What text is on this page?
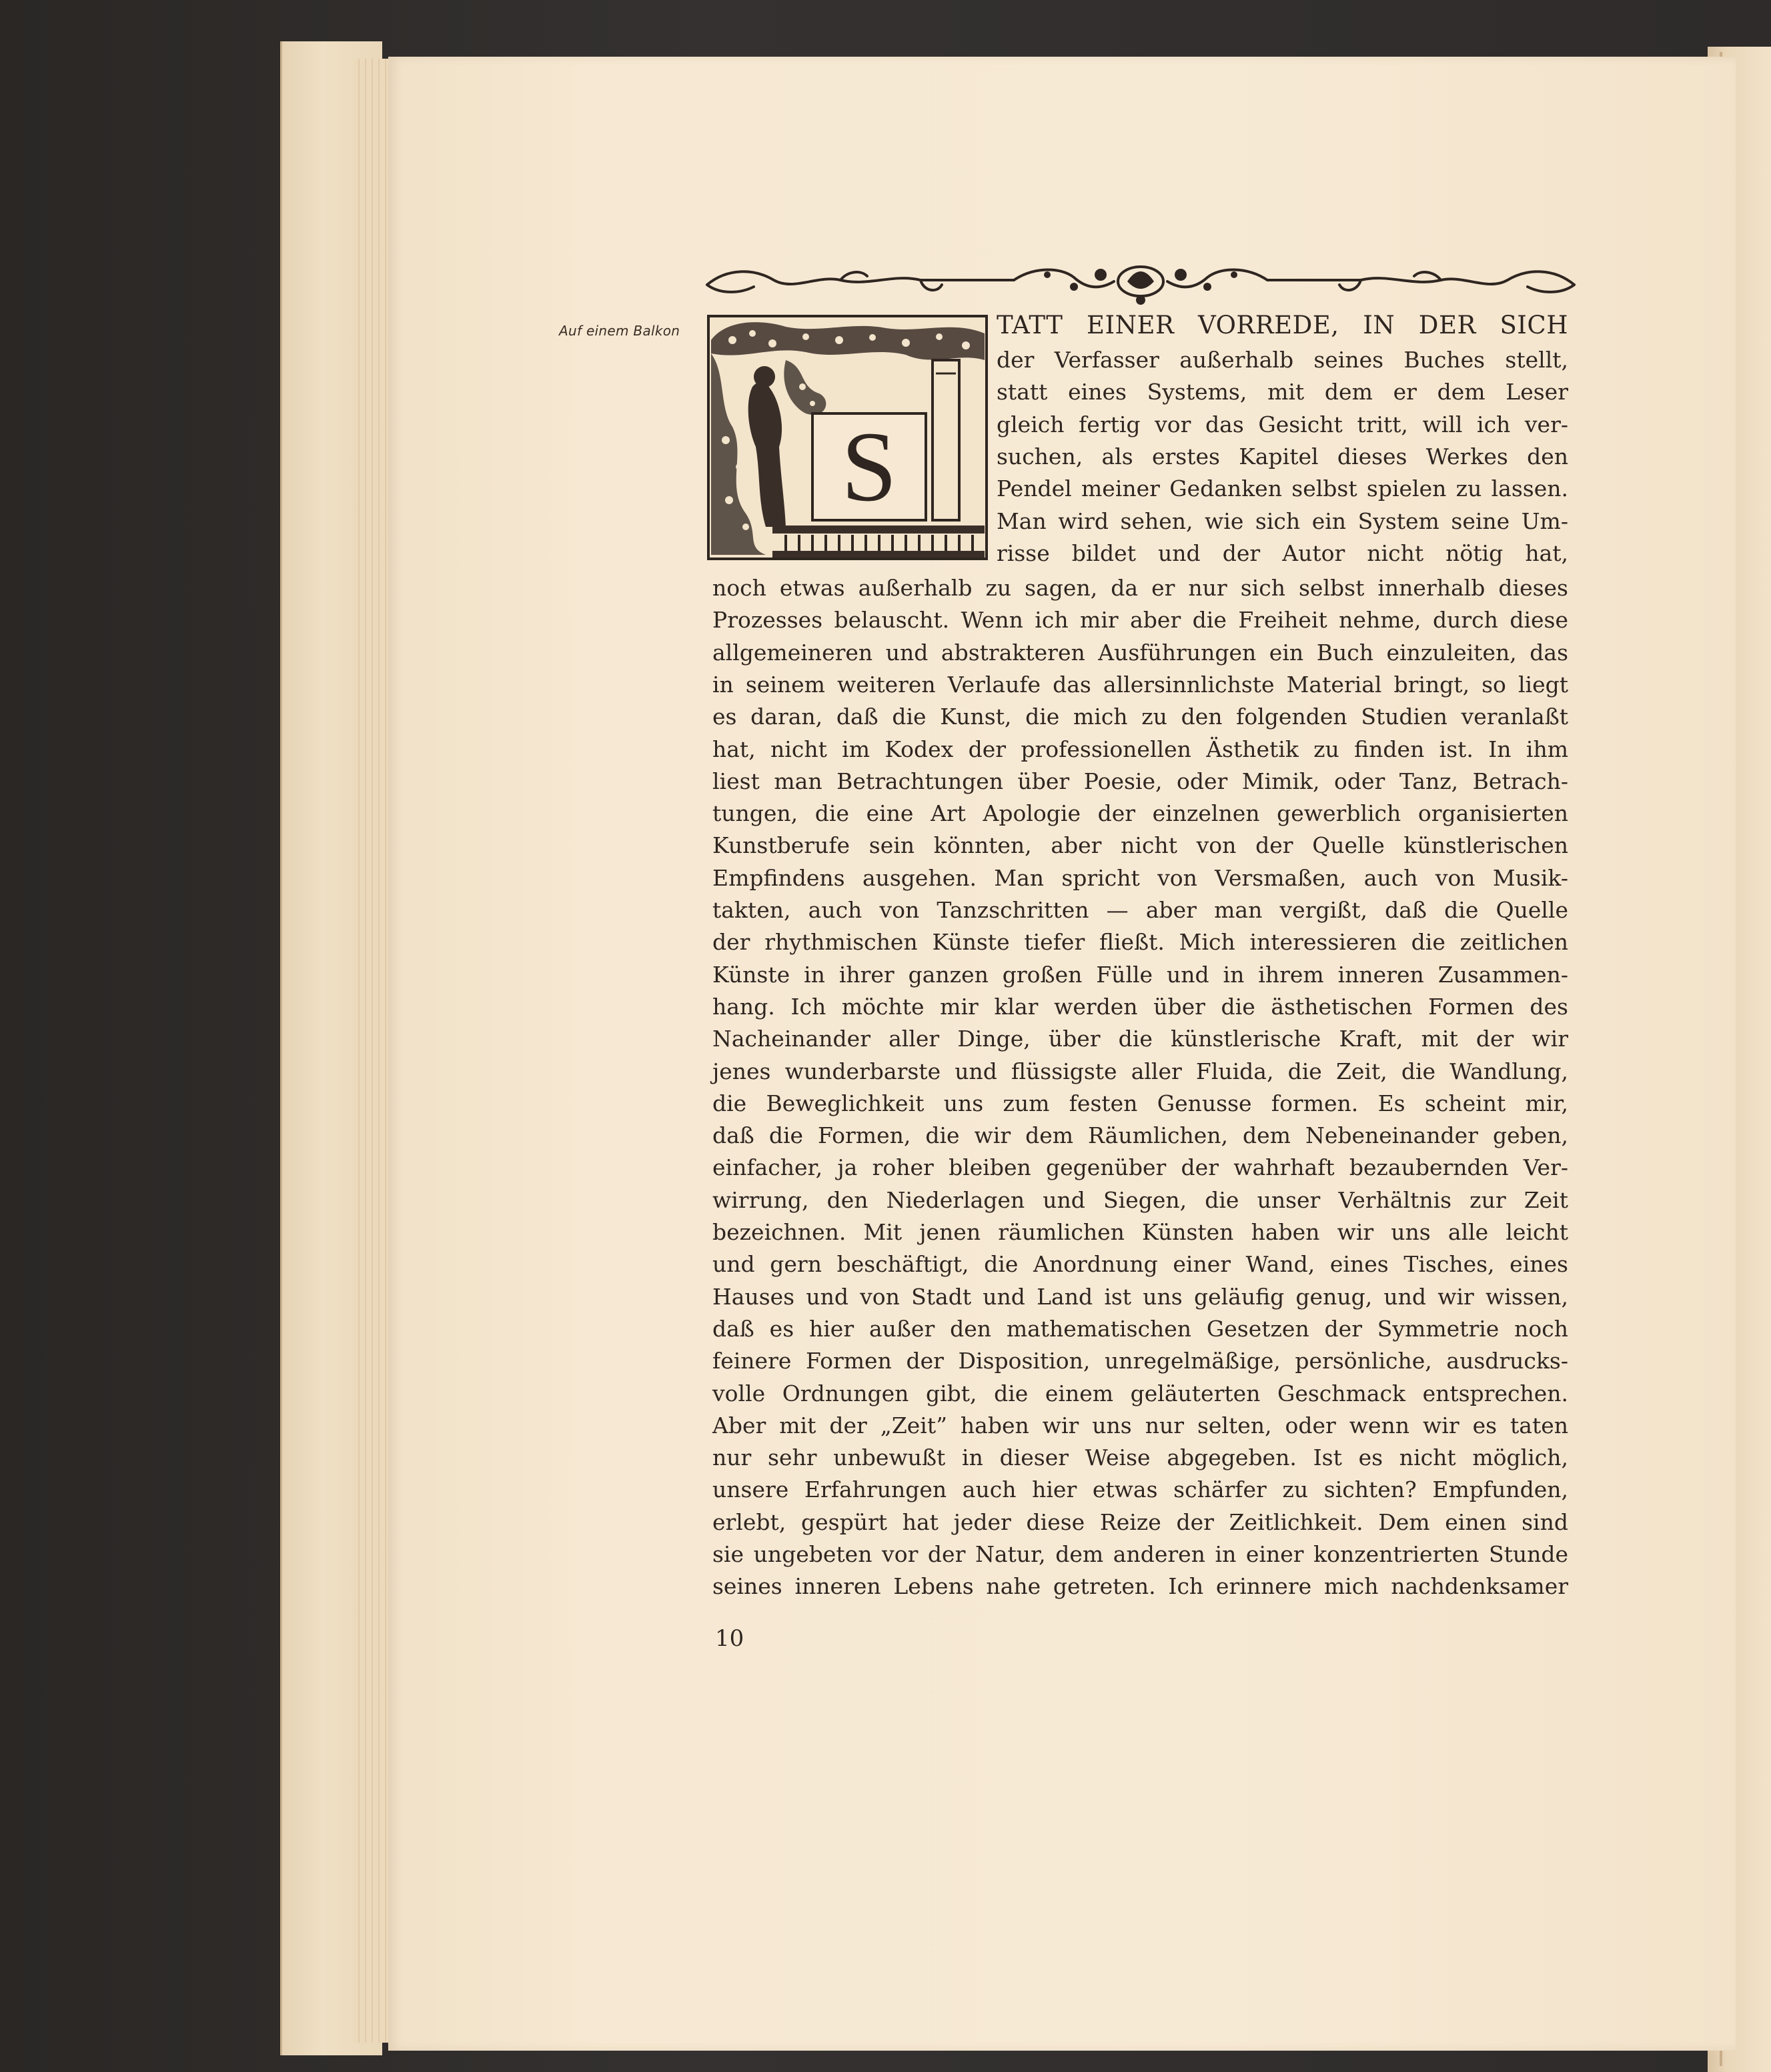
Auf einem Balkon
S
TATT EINER VORREDE, IN DER SICH
der Verfasser außerhalb seines Buches stellt,
statt eines Systems, mit dem er dem Leser
gleich fertig vor das Gesicht tritt, will ich ver-
suchen, als erstes Kapitel dieses Werkes den
Pendel meiner Gedanken selbst spielen zu lassen.
Man wird sehen, wie sich ein System seine Um-
risse bildet und der Autor nicht nötig hat,
noch etwas außerhalb zu sagen, da er nur sich selbst innerhalb dieses
Prozesses belauscht. Wenn ich mir aber die Freiheit nehme, durch diese
allgemeineren und abstrakteren Ausführungen ein Buch einzuleiten, das
in seinem weiteren Verlaufe das allersinnlichste Material bringt, so liegt
es daran, daß die Kunst, die mich zu den folgenden Studien veranlaßt
hat, nicht im Kodex der professionellen Ästhetik zu finden ist. In ihm
liest man Betrachtungen über Poesie, oder Mimik, oder Tanz, Betrach-
tungen, die eine Art Apologie der einzelnen gewerblich organisierten
Kunstberufe sein könnten, aber nicht von der Quelle künstlerischen
Empfindens ausgehen. Man spricht von Versmaßen, auch von Musik-
takten, auch von Tanzschritten — aber man vergißt, daß die Quelle
der rhythmischen Künste tiefer fließt. Mich interessieren die zeitlichen
Künste in ihrer ganzen großen Fülle und in ihrem inneren Zusammen-
hang. Ich möchte mir klar werden über die ästhetischen Formen des
Nacheinander aller Dinge, über die künstlerische Kraft, mit der wir
jenes wunderbarste und flüssigste aller Fluida, die Zeit, die Wandlung,
die Beweglichkeit uns zum festen Genusse formen. Es scheint mir,
daß die Formen, die wir dem Räumlichen, dem Nebeneinander geben,
einfacher, ja roher bleiben gegenüber der wahrhaft bezaubernden Ver-
wirrung, den Niederlagen und Siegen, die unser Verhältnis zur Zeit
bezeichnen. Mit jenen räumlichen Künsten haben wir uns alle leicht
und gern beschäftigt, die Anordnung einer Wand, eines Tisches, eines
Hauses und von Stadt und Land ist uns geläufig genug, und wir wissen,
daß es hier außer den mathematischen Gesetzen der Symmetrie noch
feinere Formen der Disposition, unregelmäßige, persönliche, ausdrucks-
volle Ordnungen gibt, die einem geläuterten Geschmack entsprechen.
Aber mit der „Zeit” haben wir uns nur selten, oder wenn wir es taten
nur sehr unbewußt in dieser Weise abgegeben. Ist es nicht möglich,
unsere Erfahrungen auch hier etwas schärfer zu sichten? Empfunden,
erlebt, gespürt hat jeder diese Reize der Zeitlichkeit. Dem einen sind
sie ungebeten vor der Natur, dem anderen in einer konzentrierten Stunde
seines inneren Lebens nahe getreten. Ich erinnere mich nachdenksamer
10
